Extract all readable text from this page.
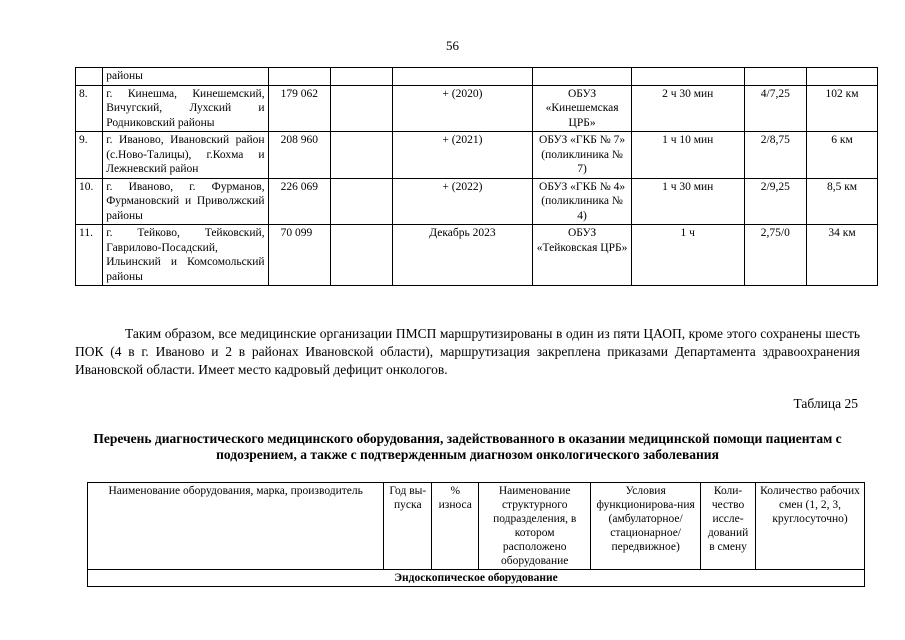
56
	районы							
8.	г. Кинешма, Кинешемский, Вичугский, Лухский и Родниковский районы	179 062		+ (2020)	ОБУЗ «Кинешемская ЦРБ»	2 ч 30 мин	4/7,25	102 км
9.	г. Иваново, Ивановский район (с.Ново-Талицы), г.Кохма и Лежневский район	208 960		+ (2021)	ОБУЗ «ГКБ № 7» (поликлиника № 7)	1 ч 10 мин	2/8,75	6 км
10.	г. Иваново, г. Фурманов, Фурмановский и Приволжский районы	226 069		+ (2022)	ОБУЗ «ГКБ № 4» (поликлиника № 4)	1 ч 30 мин	2/9,25	8,5 км
11.	г. Тейково, Тейковский, Гаврилово-Посадский, Ильинский и Комсомольский районы	70 099		Декабрь 2023	ОБУЗ «Тейковская ЦРБ»	1 ч	2,75/0	34 км

Таким образом, все медицинские организации ПМСП маршрутизированы в один из пяти ЦАОП, кроме этого сохранены шесть ПОК (4 в г. Иваново и 2 в районах Ивановской области), маршрутизация закреплена приказами Департамента здравоохранения Ивановской области. Имеет место кадровый дефицит онкологов.

Таблица 25
Перечень диагностического медицинского оборудования, задействованного в оказании медицинской помощи пациентам с подозрением, а также с подтвержденным диагнозом онкологического заболевания
Наименование оборудования, марка, производитель	Год вы-пуска	% износа	Наименование структурного подразделения, в котором расположено оборудование	Условия функционирова-ния (амбулаторное/ стационарное/ передвижное)	Коли-чество иссле-дований в смену	Количество рабочих смен (1, 2, 3, круглосуточно)
Эндоскопическое оборудование
